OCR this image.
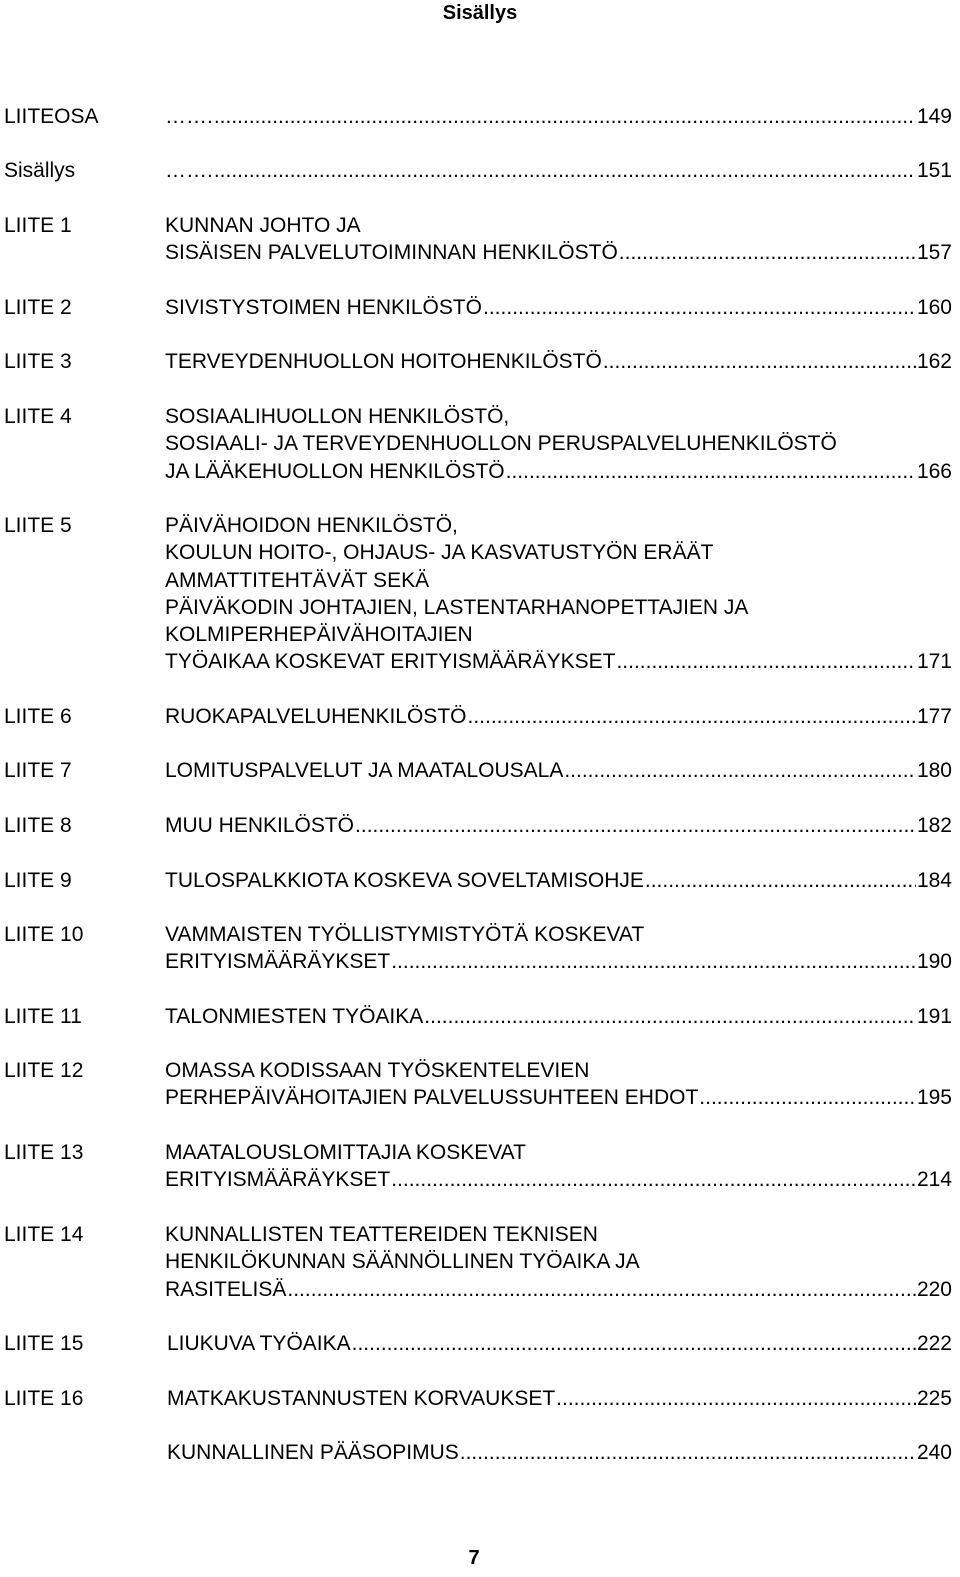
Sisällys
LIITEOSA	……. .....	149
Sisällys	……. .....	151
LIITE 1	KUNNAN JOHTO JA
SISÄISEN PALVELUTOIMINNAN HENKILÖSTÖ .....	157
LIITE 2	SIVISTYSTOIMEN HENKILÖSTÖ .....	160
LIITE 3	TERVEYDENHUOLLON HOITOHENKILÖSTÖ .....	162
LIITE 4	SOSIAALIHUOLLON HENKILÖSTÖ,
SOSIAALI- JA TERVEYDENHUOLLON PERUSPALVELUHENKILÖSTÖ
JA LÄÄKEHUOLLON HENKILÖSTÖ .....	166
LIITE 5	PÄIVÄHOIDON HENKILÖSTÖ,
KOULUN HOITO-, OHJAUS- JA KASVATUSTYÖN ERÄÄT
AMMATTITEHTÄVÄT SEKÄ
PÄIVÄKODIN JOHTAJIEN, LASTENTARHANOPETTAJIEN JA
KOLMIPERHEPÄIVÄHOITAJIEN
TYÖAIKAA KOSKEVAT ERITYISMÄÄRÄYKSET .....	171
LIITE 6	RUOKAPALVELUHENKILÖSTÖ .....	177
LIITE 7	LOMITUSPALVELUT JA MAATALOUSALA .....	180
LIITE 8	MUU HENKILÖSTÖ .....	182
LIITE 9	TULOSPALKKIOTA KOSKEVA SOVELTAMISOHJE .....	184
LIITE 10	VAMMAISTEN TYÖLLISTYMISTYÖTÄ KOSKEVAT
ERITYISMÄÄRÄYKSET .....	190
LIITE 11	TALONMIESTEN TYÖAIKA .....	191
LIITE 12	OMASSA KODISSAAN TYÖSKENTELEVIEN
PERHEPÄIVÄHOITAJIEN PALVELUSSUHTEEN EHDOT .....	195
LIITE 13	MAATALOUSLOMITTAJIA KOSKEVAT
ERITYISMÄÄRÄYKSET .....	214
LIITE 14	KUNNALLISTEN TEATTEREIDEN TEKNISEN
HENKILÖKUNNAN SÄÄNNÖLLINEN TYÖAIKA JA
RASITELISÄ .....	220
LIITE 15	LIUKUVA TYÖAIKA .....	222
LIITE 16	MATKAKUSTANNUSTEN KORVAUKSET .....	225
KUNNALLINEN PÄÄSOPIMUS .....	240
7
